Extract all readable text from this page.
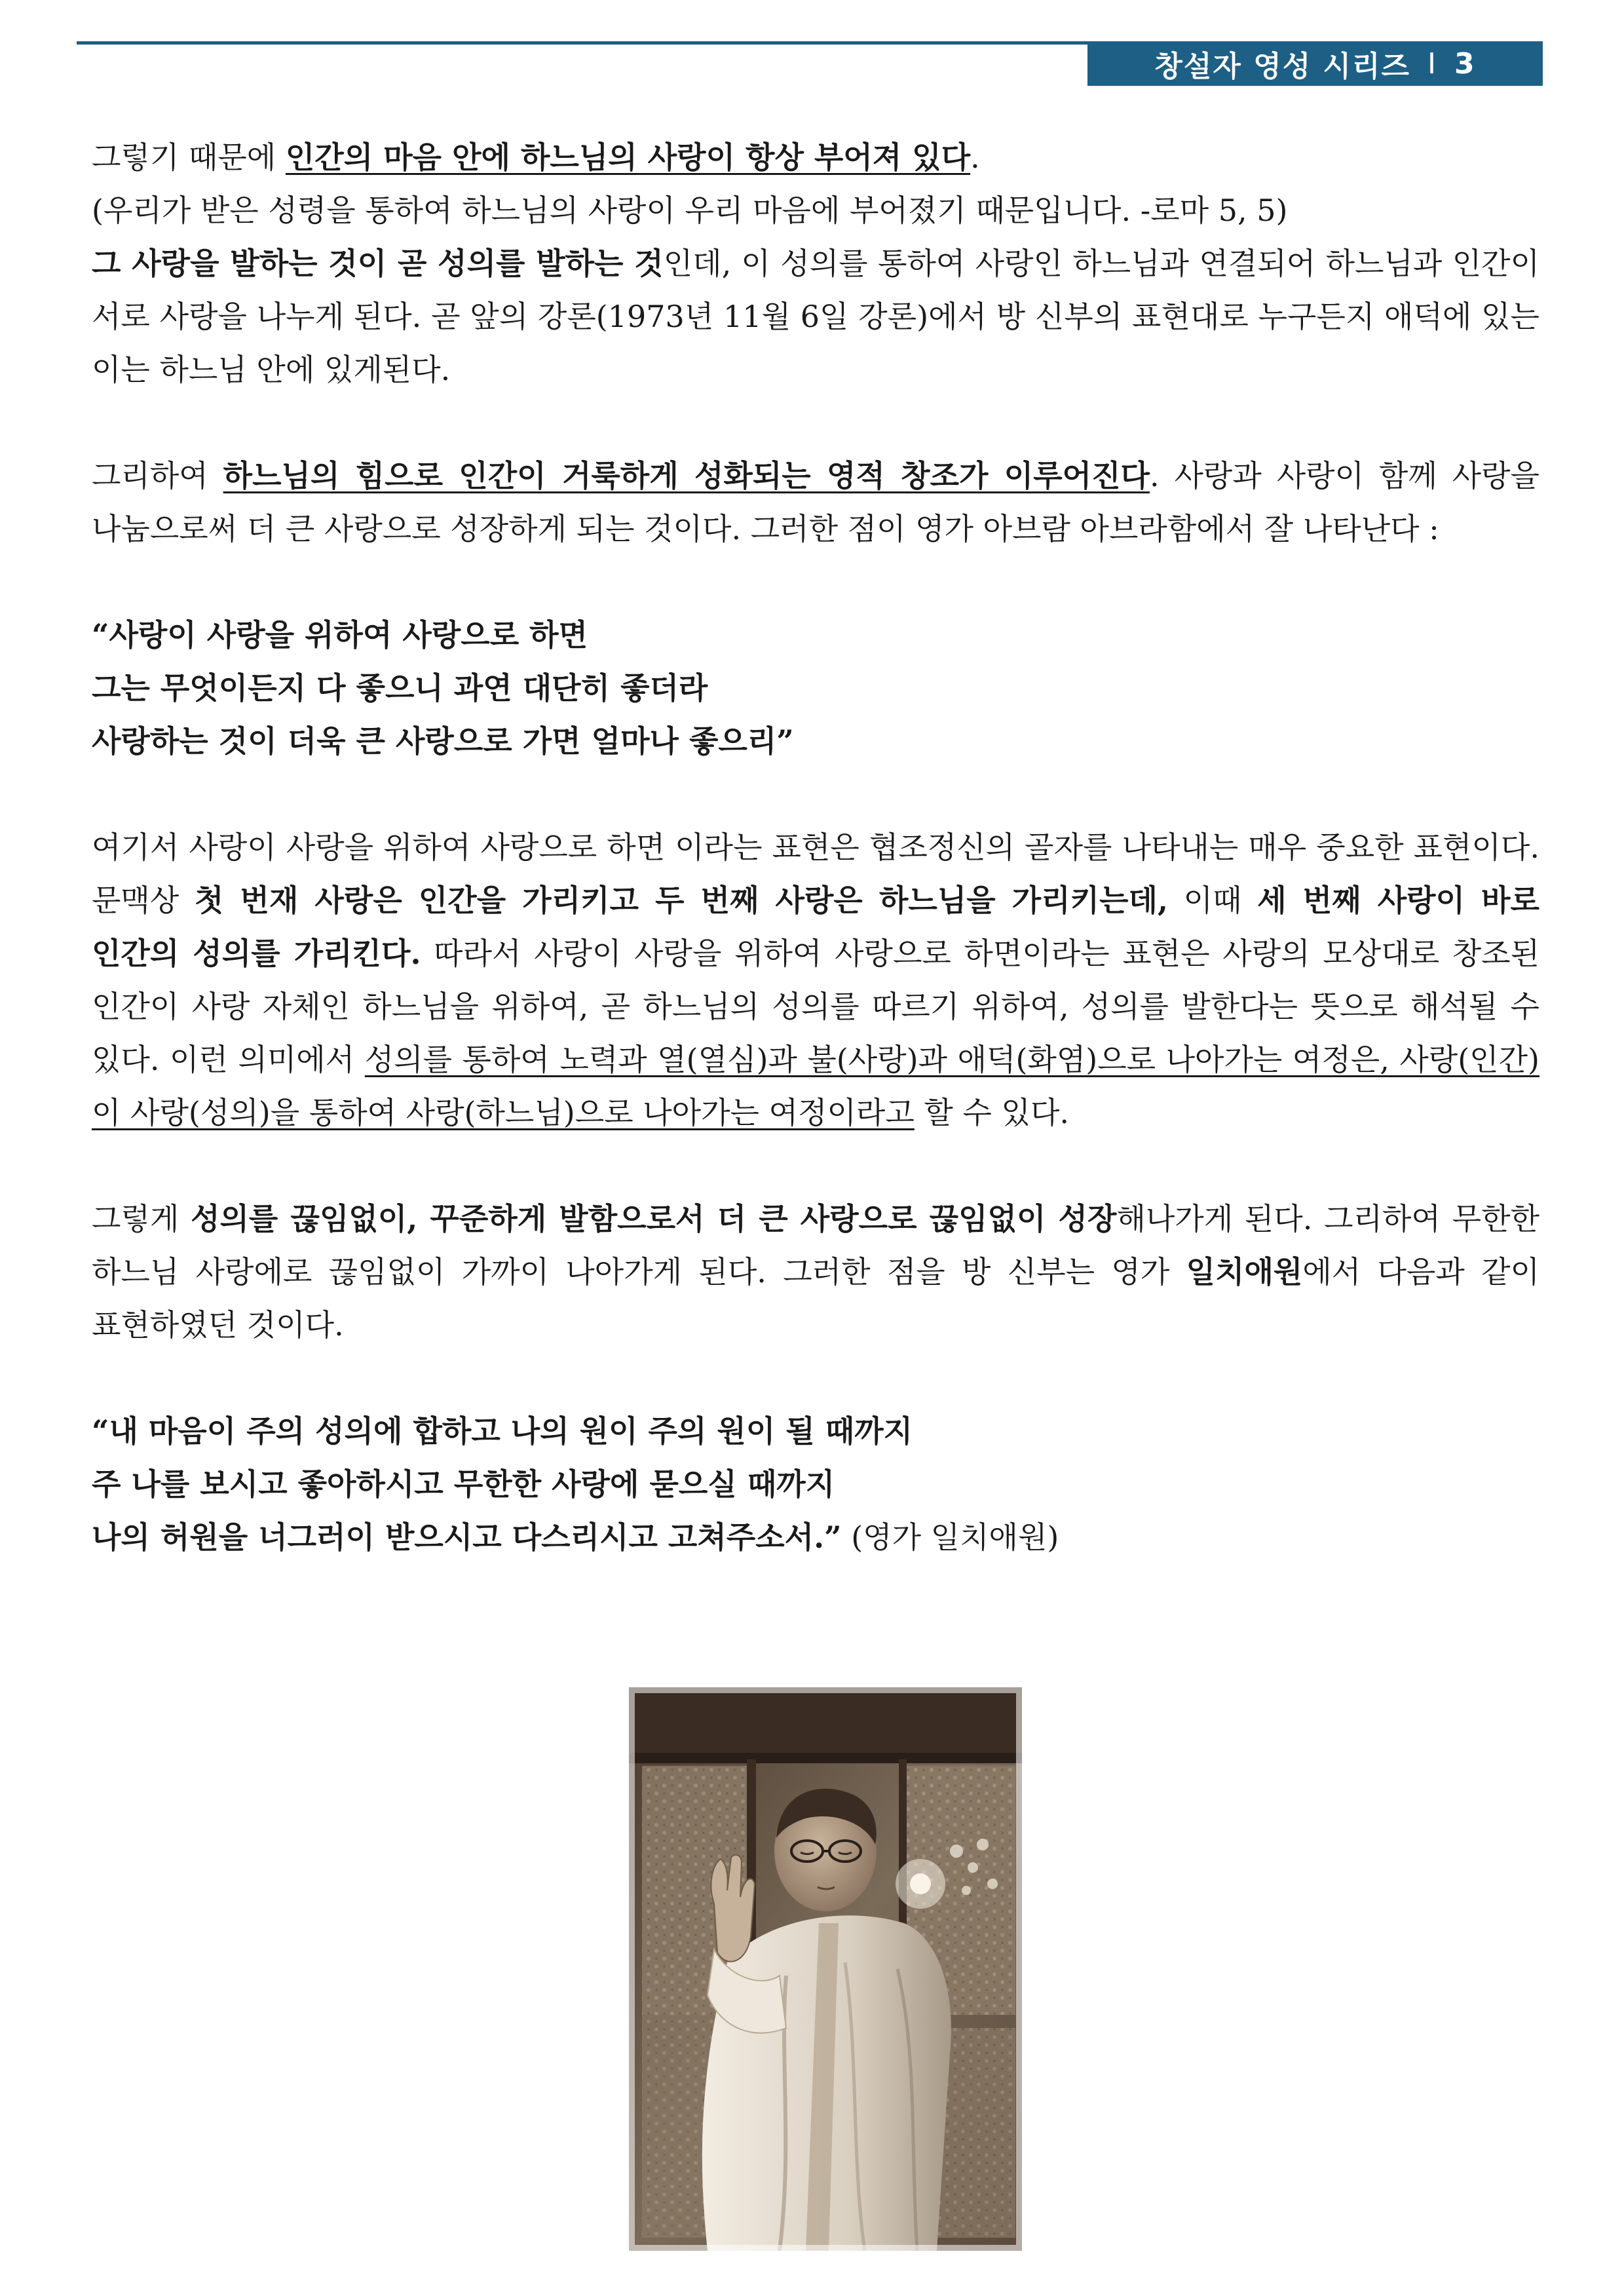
창설자 영성 시리즈 I 3

그렇기 때문에 인간의 마음 안에 하느님의 사랑이 항상 부어져 있다.

(우리가 받은 성령을 통하여 하느님의 사랑이 우리 마음에 부어졌기 때문입니다. -로마 5, 5)

그 사랑을 발하는 것이 곧 성의를 발하는 것인데, 이 성의를 통하여 사랑인 하느님과 연결되어 하느님과 인간이 서로 사랑을 나누게 된다. 곧 앞의 강론(1973년 11월 6일 강론)에서 방 신부의 표현대로 누구든지 애덕에 있는 이는 하느님 안에 있게된다.

그리하여 하느님의 힘으로 인간이 거룩하게 성화되는 영적 창조가 이루어진다. 사랑과 사랑이 함께 사랑을 나눔으로써 더 큰 사랑으로 성장하게 되는 것이다. 그러한 점이 영가 아브람 아브라함에서 잘 나타난다 :

“사랑이 사랑을 위하여 사랑으로 하면

그는 무엇이든지 다 좋으니 과연 대단히 좋더라

사랑하는 것이 더욱 큰 사랑으로 가면 얼마나 좋으리”

여기서 사랑이 사랑을 위하여 사랑으로 하면 이라는 표현은 협조정신의 골자를 나타내는 매우 중요한 표현이다. 문맥상 첫 번재 사랑은 인간을 가리키고 두 번째 사랑은 하느님을 가리키는데, 이때 세 번째 사랑이 바로 인간의 성의를 가리킨다. 따라서 사랑이 사랑을 위하여 사랑으로 하면이라는 표현은 사랑의 모상대로 창조된 인간이 사랑 자체인 하느님을 위하여, 곧 하느님의 성의를 따르기 위하여, 성의를 발한다는 뜻으로 해석될 수 있다. 이런 의미에서 성의를 통하여 노력과 열(열심)과 불(사랑)과 애덕(화염)으로 나아가는 여정은, 사랑(인간)이 사랑(성의)을 통하여 사랑(하느님)으로 나아가는 여정이라고 할 수 있다.

그렇게 성의를 끊임없이, 꾸준하게 발함으로서 더 큰 사랑으로 끊임없이 성장해나가게 된다. 그리하여 무한한 하느님 사랑에로 끊임없이 가까이 나아가게 된다. 그러한 점을 방 신부는 영가 일치애원에서 다음과 같이 표현하였던 것이다.

“내 마음이 주의 성의에 합하고 나의 원이 주의 원이 될 때까지

주 나를 보시고 좋아하시고 무한한 사랑에 묻으실 때까지

나의 허원을 너그러이 받으시고 다스리시고 고쳐주소서.” (영가 일치애원)
